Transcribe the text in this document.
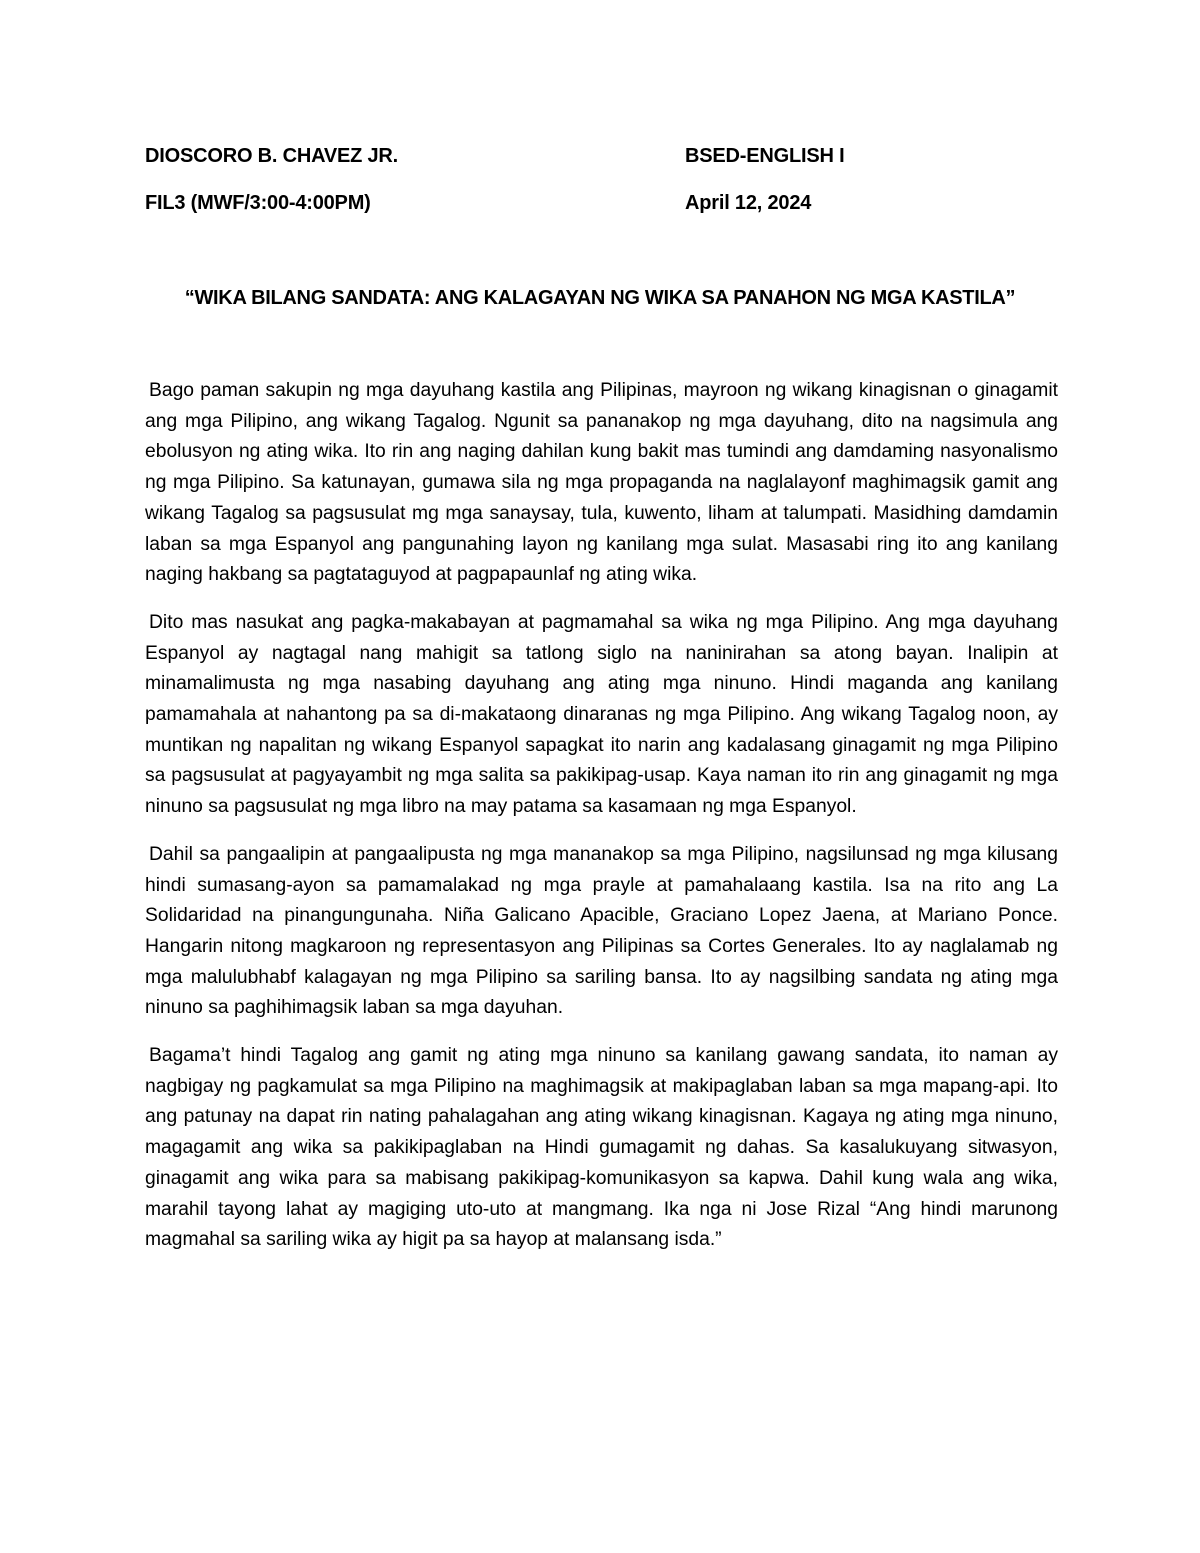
DIOSCORO B. CHAVEZ JR.	BSED-ENGLISH I
FIL3 (MWF/3:00-4:00PM)	April 12, 2024
“WIKA BILANG SANDATA: ANG KALAGAYAN NG WIKA SA PANAHON NG MGA KASTILA”

Bago paman sakupin ng mga dayuhang kastila ang Pilipinas, mayroon ng wikang kinagisnan o ginagamit ang mga Pilipino, ang wikang Tagalog. Ngunit sa pananakop ng mga dayuhang, dito na nagsimula ang ebolusyon ng ating wika. Ito rin ang naging dahilan kung bakit mas tumindi ang damdaming nasyonalismo ng mga Pilipino. Sa katunayan, gumawa sila ng mga propaganda na naglalayonf maghimagsik gamit ang wikang Tagalog sa pagsusulat mg mga sanaysay, tula, kuwento, liham at talumpati. Masidhing damdamin laban sa mga Espanyol ang pangunahing layon ng kanilang mga sulat. Masasabi ring ito ang kanilang naging hakbang sa pagtataguyod at pagpapaunlaf ng ating wika.

Dito mas nasukat ang pagka-makabayan at pagmamahal sa wika ng mga Pilipino. Ang mga dayuhang Espanyol ay nagtagal nang mahigit sa tatlong siglo na naninirahan sa atong bayan. Inalipin at minamalimusta ng mga nasabing dayuhang ang ating mga ninuno. Hindi maganda ang kanilang pamamahala at nahantong pa sa di-makataong dinaranas ng mga Pilipino. Ang wikang Tagalog noon, ay muntikan ng napalitan ng wikang Espanyol sapagkat ito narin ang kadalasang ginagamit ng mga Pilipino sa pagsusulat at pagyayambit ng mga salita sa pakikipag-usap. Kaya naman ito rin ang ginagamit ng mga ninuno sa pagsusulat ng mga libro na may patama sa kasamaan ng mga Espanyol.

Dahil sa pangaalipin at pangaalipusta ng mga mananakop sa mga Pilipino, nagsilunsad ng mga kilusang hindi sumasang-ayon sa pamamalakad ng mga prayle at pamahalaang kastila. Isa na rito ang La Solidaridad na pinangungunaha. Niña Galicano Apacible, Graciano Lopez Jaena, at Mariano Ponce. Hangarin nitong magkaroon ng representasyon ang Pilipinas sa Cortes Generales. Ito ay naglalamab ng mga malulubhabf kalagayan ng mga Pilipino sa sariling bansa. Ito ay nagsilbing sandata ng ating mga ninuno sa paghihimagsik laban sa mga dayuhan.

Bagama’t hindi Tagalog ang gamit ng ating mga ninuno sa kanilang gawang sandata, ito naman ay nagbigay ng pagkamulat sa mga Pilipino na maghimagsik at makipaglaban laban sa mga mapang-api. Ito ang patunay na dapat rin nating pahalagahan ang ating wikang kinagisnan. Kagaya ng ating mga ninuno, magagamit ang wika sa pakikipaglaban na Hindi gumagamit ng dahas. Sa kasalukuyang sitwasyon, ginagamit ang wika para sa mabisang pakikipag-komunikasyon sa kapwa. Dahil kung wala ang wika, marahil tayong lahat ay magiging uto-uto at mangmang. Ika nga ni Jose Rizal “Ang hindi marunong magmahal sa sariling wika ay higit pa sa hayop at malansang isda.”
